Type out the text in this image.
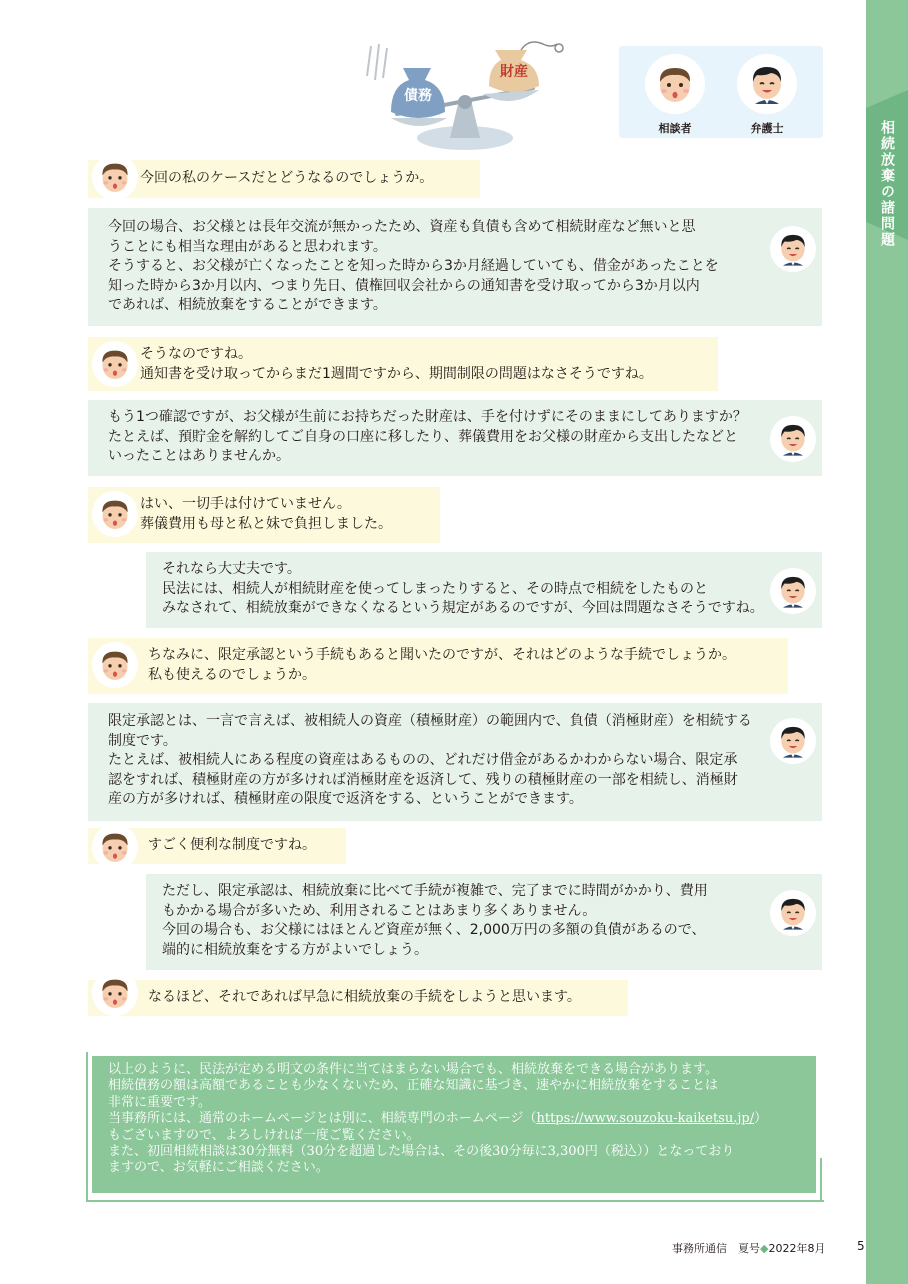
相続放棄の諸問題
債務
財産
相談者	弁護士

今回の私のケースだとどうなるのでしょうか。

今回の場合、お父様とは長年交流が無かったため、資産も負債も含めて相続財産など無いと思

うことにも相当な理由があると思われます。

そうすると、お父様が亡くなったことを知った時から3か月経過していても、借金があったことを

知った時から3か月以内、つまり先日、債権回収会社からの通知書を受け取ってから3か月以内

であれば、相続放棄をすることができます。

そうなのですね。

通知書を受け取ってからまだ1週間ですから、期間制限の問題はなさそうですね。

もう1つ確認ですが、お父様が生前にお持ちだった財産は、手を付けずにそのままにしてありますか？

たとえば、預貯金を解約してご自身の口座に移したり、葬儀費用をお父様の財産から支出したなどと

いったことはありませんか。

はい、一切手は付けていません。

葬儀費用も母と私と妹で負担しました。

それなら大丈夫です。

民法には、相続人が相続財産を使ってしまったりすると、その時点で相続をしたものと

みなされて、相続放棄ができなくなるという規定があるのですが、今回は問題なさそうですね。

ちなみに、限定承認という手続もあると聞いたのですが、それはどのような手続でしょうか。

私も使えるのでしょうか。

限定承認とは、一言で言えば、被相続人の資産（積極財産）の範囲内で、負債（消極財産）を相続する

制度です。

たとえば、被相続人にある程度の資産はあるものの、どれだけ借金があるかわからない場合、限定承

認をすれば、積極財産の方が多ければ消極財産を返済して、残りの積極財産の一部を相続し、消極財

産の方が多ければ、積極財産の限度で返済をする、ということができます。

すごく便利な制度ですね。

ただし、限定承認は、相続放棄に比べて手続が複雑で、完了までに時間がかかり、費用

もかかる場合が多いため、利用されることはあまり多くありません。

今回の場合も、お父様にはほとんど資産が無く、2,000万円の多額の負債があるので、

端的に相続放棄をする方がよいでしょう。

なるほど、それであれば早急に相続放棄の手続をしようと思います。

以上のように、民法が定める明文の条件に当てはまらない場合でも、相続放棄をできる場合があります。

相続債務の額は高額であることも少なくないため、正確な知識に基づき、速やかに相続放棄をすることは

非常に重要です。

当事務所には、通常のホームページとは別に、相続専門のホームページ（https://www.souzoku-kaiketsu.jp/）

もございますので、よろしければ一度ご覧ください。

また、初回相続相談は30分無料（30分を超過した場合は、その後30分毎に3,300円（税込））となっており

ますので、お気軽にご相談ください。

事務所通信　夏号◆2022年8月	5
